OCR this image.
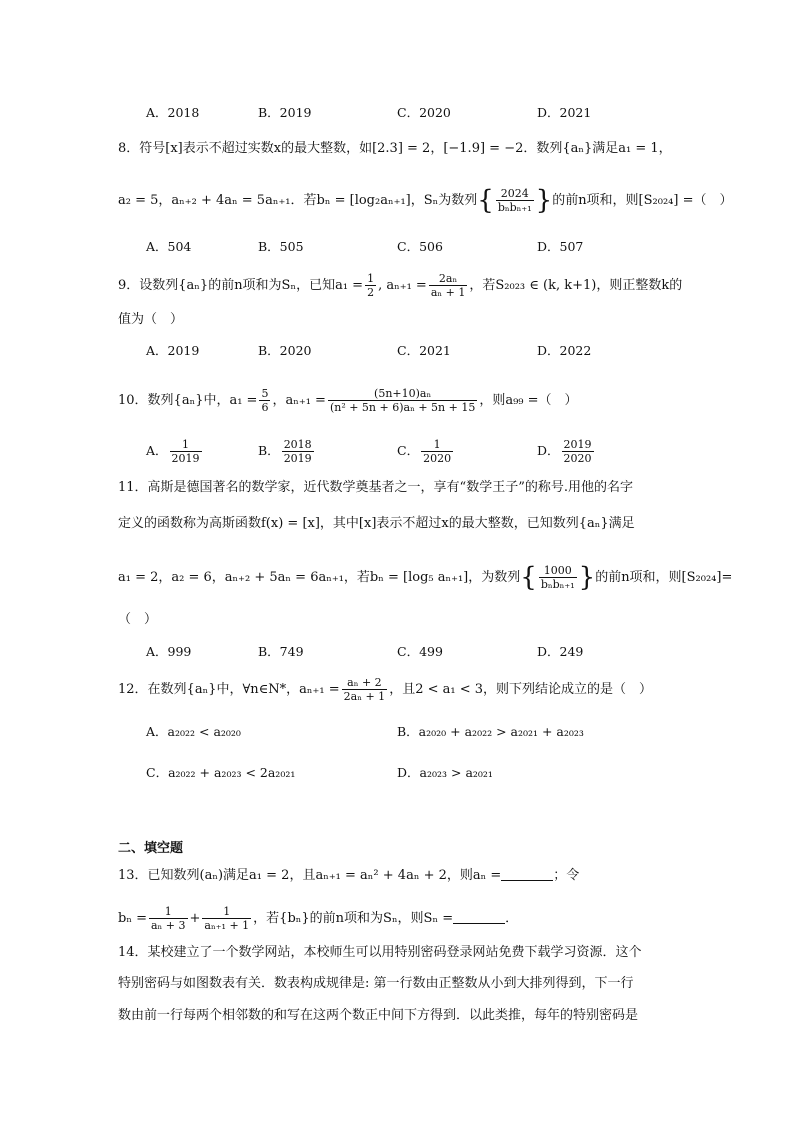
A．2018	B．2019	C．2020	D．2021
8．符号[x]表示不超过实数x的最大整数，如[2.3] = 2，[−1.9] = −2．数列{aₙ}满足a₁ = 1，
a₂ = 5，aₙ₊₂ + 4aₙ = 5aₙ₊₁．若bₙ = [log₂aₙ₊₁]，Sₙ为数列{ $\frac{2024}{\text{bₙbₙ₊₁}}$ }的前n项和，则[S₂₀₂₄] =（　）
A．504	B．505	C．506	D．507
9．设数列{aₙ}的前n项和为Sₙ，已知$a_1 = \frac{1}{2}$ , $a_{n+1} = \frac{\text{2aₙ}}{\text{aₙ + 1}}$ ，若S₂₀₂₃ ∈ (k, k+1)，则正整数k的
值为（　）
A．2019	B．2020	C．2021	D．2022
10．数列{aₙ}中，$a_1 = \frac{5}{6}$ ，$a_{n+1} = \frac{\text{(5n+10)aₙ}}{\text{(n² + 5n + 6)aₙ + 5n + 15}}$ ，则a₉₉ =（　）
A． $\frac{1}{2019}$	B． $\frac{2018}{2019}$	C． $\frac{1}{2020}$	D． $\frac{2019}{2020}$
11．高斯是德国著名的数学家，近代数学奠基者之一，享有“数学王子”的称号.用他的名字
定义的函数称为高斯函数f(x) = [x]，其中[x]表示不超过x的最大整数，已知数列{aₙ}满足
a₁ = 2，a₂ = 6，aₙ₊₂ + 5aₙ = 6aₙ₊₁，若bₙ = [log₅ aₙ₊₁]，为数列{ $\frac{1000}{\text{bₙbₙ₊₁}}$ }的前n项和，则[S₂₀₂₄]=
（　）
A．999	B．749	C．499	D．249
12．在数列{aₙ}中，∀n∈N*，$a_{n+1} = \frac{\text{aₙ + 2}}{\text{2aₙ + 1}}$ ，且2 < a₁ < 3，则下列结论成立的是（　）
A．a₂₀₂₂ < a₂₀₂₀	B．a₂₀₂₀ + a₂₀₂₂ > a₂₀₂₁ + a₂₀₂₃
C．a₂₀₂₂ + a₂₀₂₃ < 2a₂₀₂₁	D．a₂₀₂₃ > a₂₀₂₁
二、填空题
13．已知数列(aₙ)满足a₁ = 2，且aₙ₊₁ = aₙ² + 4aₙ + 2，则aₙ =	；令
$b_n = \frac{1}{\text{aₙ + 3}} + \frac{1}{\text{aₙ₊₁ + 1}}$ ，若{bₙ}的前n项和为Sₙ，则Sₙ =	．
14．某校建立了一个数学网站，本校师生可以用特别密码登录网站免费下载学习资源．这个
特别密码与如图数表有关．数表构成规律是: 第一行数由正整数从小到大排列得到，下一行
数由前一行每两个相邻数的和写在这两个数正中间下方得到．以此类推，每年的特别密码是
